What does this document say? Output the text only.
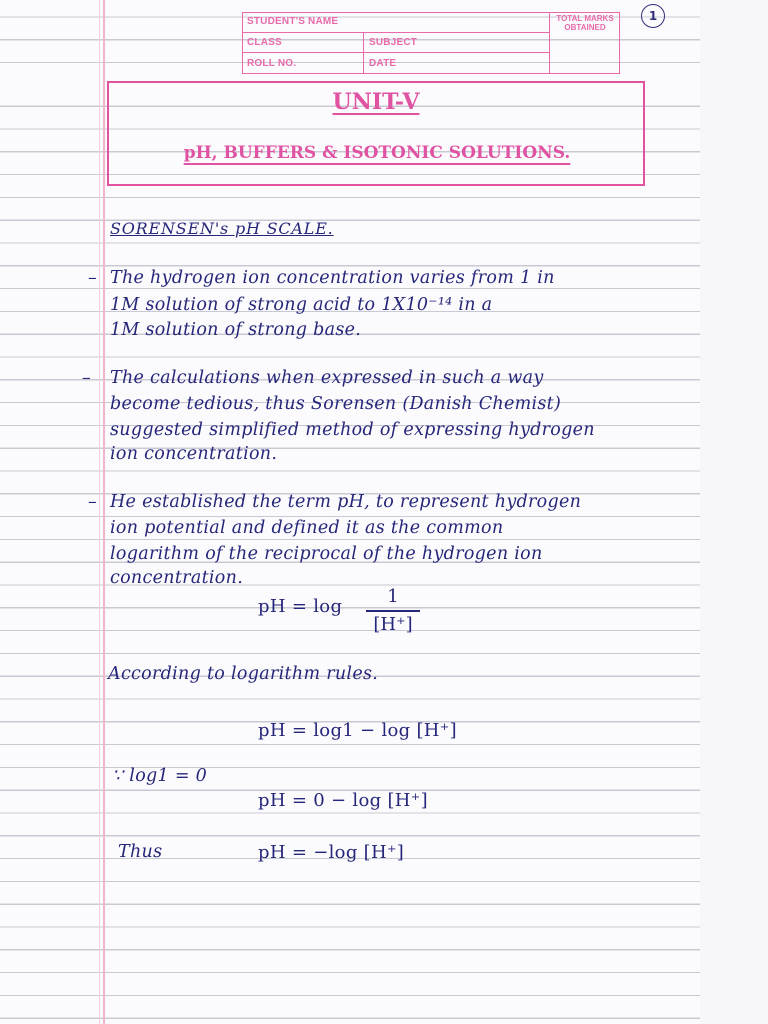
STUDENT'S NAME
CLASS	SUBJECT
ROLL NO.	DATE
TOTAL MARKS OBTAINED
1
UNIT-V
pH, BUFFERS & ISOTONIC SOLUTIONS.
SORENSEN's pH SCALE.
– The hydrogen ion concentration varies from 1 in
1M solution of strong acid to 1X10⁻¹⁴ in a
1M solution of strong base.
– The calculations when expressed in such a way
become tedious, thus Sorensen (Danish Chemist)
suggested simplified method of expressing hydrogen
ion concentration.
– He established the term pH, to represent hydrogen
ion potential and defined it as the common
logarithm of the reciprocal of the hydrogen ion
concentration.
pH = log	1
[H⁺]
According to logarithm rules.
pH = log1 − log [H⁺]
∵ log1 = 0
pH = 0 − log [H⁺]
Thus	pH = −log [H⁺]
